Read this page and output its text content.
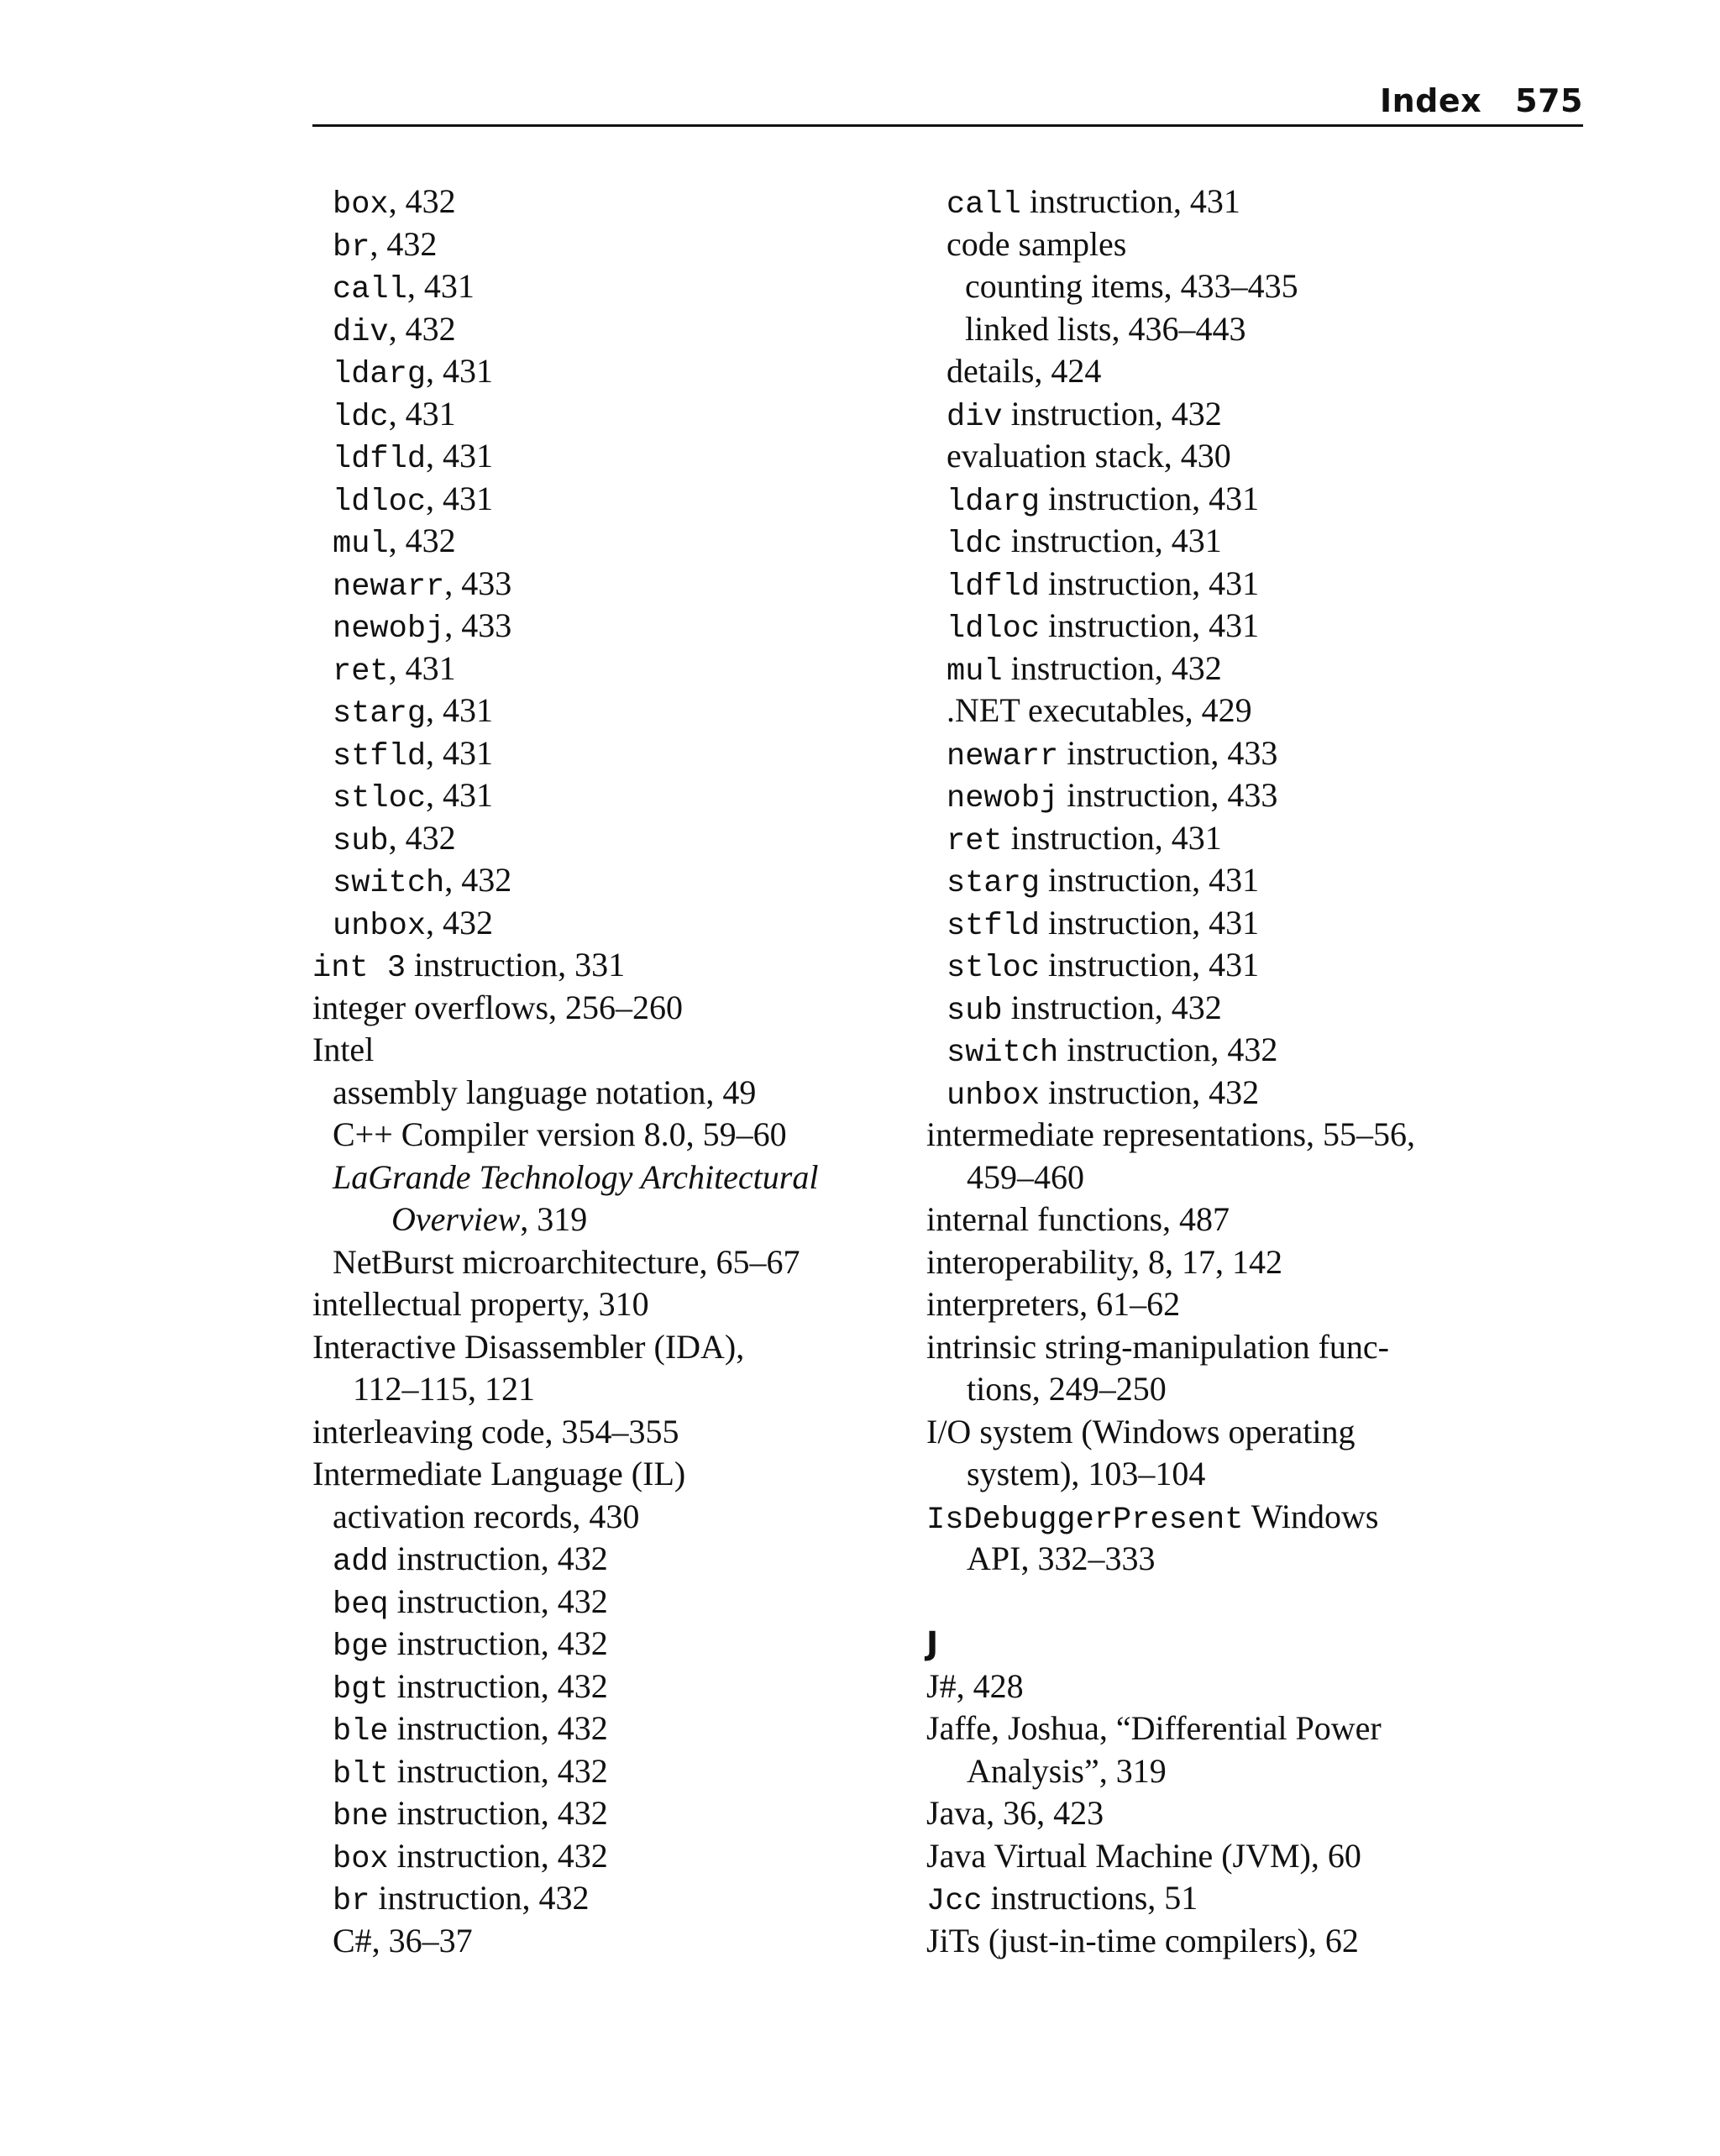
Index 575
box, 432
br, 432
call, 431
div, 432
ldarg, 431
ldc, 431
ldfld, 431
ldloc, 431
mul, 432
newarr, 433
newobj, 433
ret, 431
starg, 431
stfld, 431
stloc, 431
sub, 432
switch, 432
unbox, 432
int 3 instruction, 331
integer overflows, 256–260
Intel
assembly language notation, 49
C++ Compiler version 8.0, 59–60
LaGrande Technology Architectural
Overview, 319
NetBurst microarchitecture, 65–67
intellectual property, 310
Interactive Disassembler (IDA),
112–115, 121
interleaving code, 354–355
Intermediate Language (IL)
activation records, 430
add instruction, 432
beq instruction, 432
bge instruction, 432
bgt instruction, 432
ble instruction, 432
blt instruction, 432
bne instruction, 432
box instruction, 432
br instruction, 432
C#, 36–37
call instruction, 431
code samples
counting items, 433–435
linked lists, 436–443
details, 424
div instruction, 432
evaluation stack, 430
ldarg instruction, 431
ldc instruction, 431
ldfld instruction, 431
ldloc instruction, 431
mul instruction, 432
.NET executables, 429
newarr instruction, 433
newobj instruction, 433
ret instruction, 431
starg instruction, 431
stfld instruction, 431
stloc instruction, 431
sub instruction, 432
switch instruction, 432
unbox instruction, 432
intermediate representations, 55–56,
459–460
internal functions, 487
interoperability, 8, 17, 142
interpreters, 61–62
intrinsic string-manipulation func-
tions, 249–250
I/O system (Windows operating
system), 103–104
IsDebuggerPresent Windows
API, 332–333
J
J#, 428
Jaffe, Joshua, “Differential Power
Analysis”, 319
Java, 36, 423
Java Virtual Machine (JVM), 60
Jcc instructions, 51
JiTs (just-in-time compilers), 62
